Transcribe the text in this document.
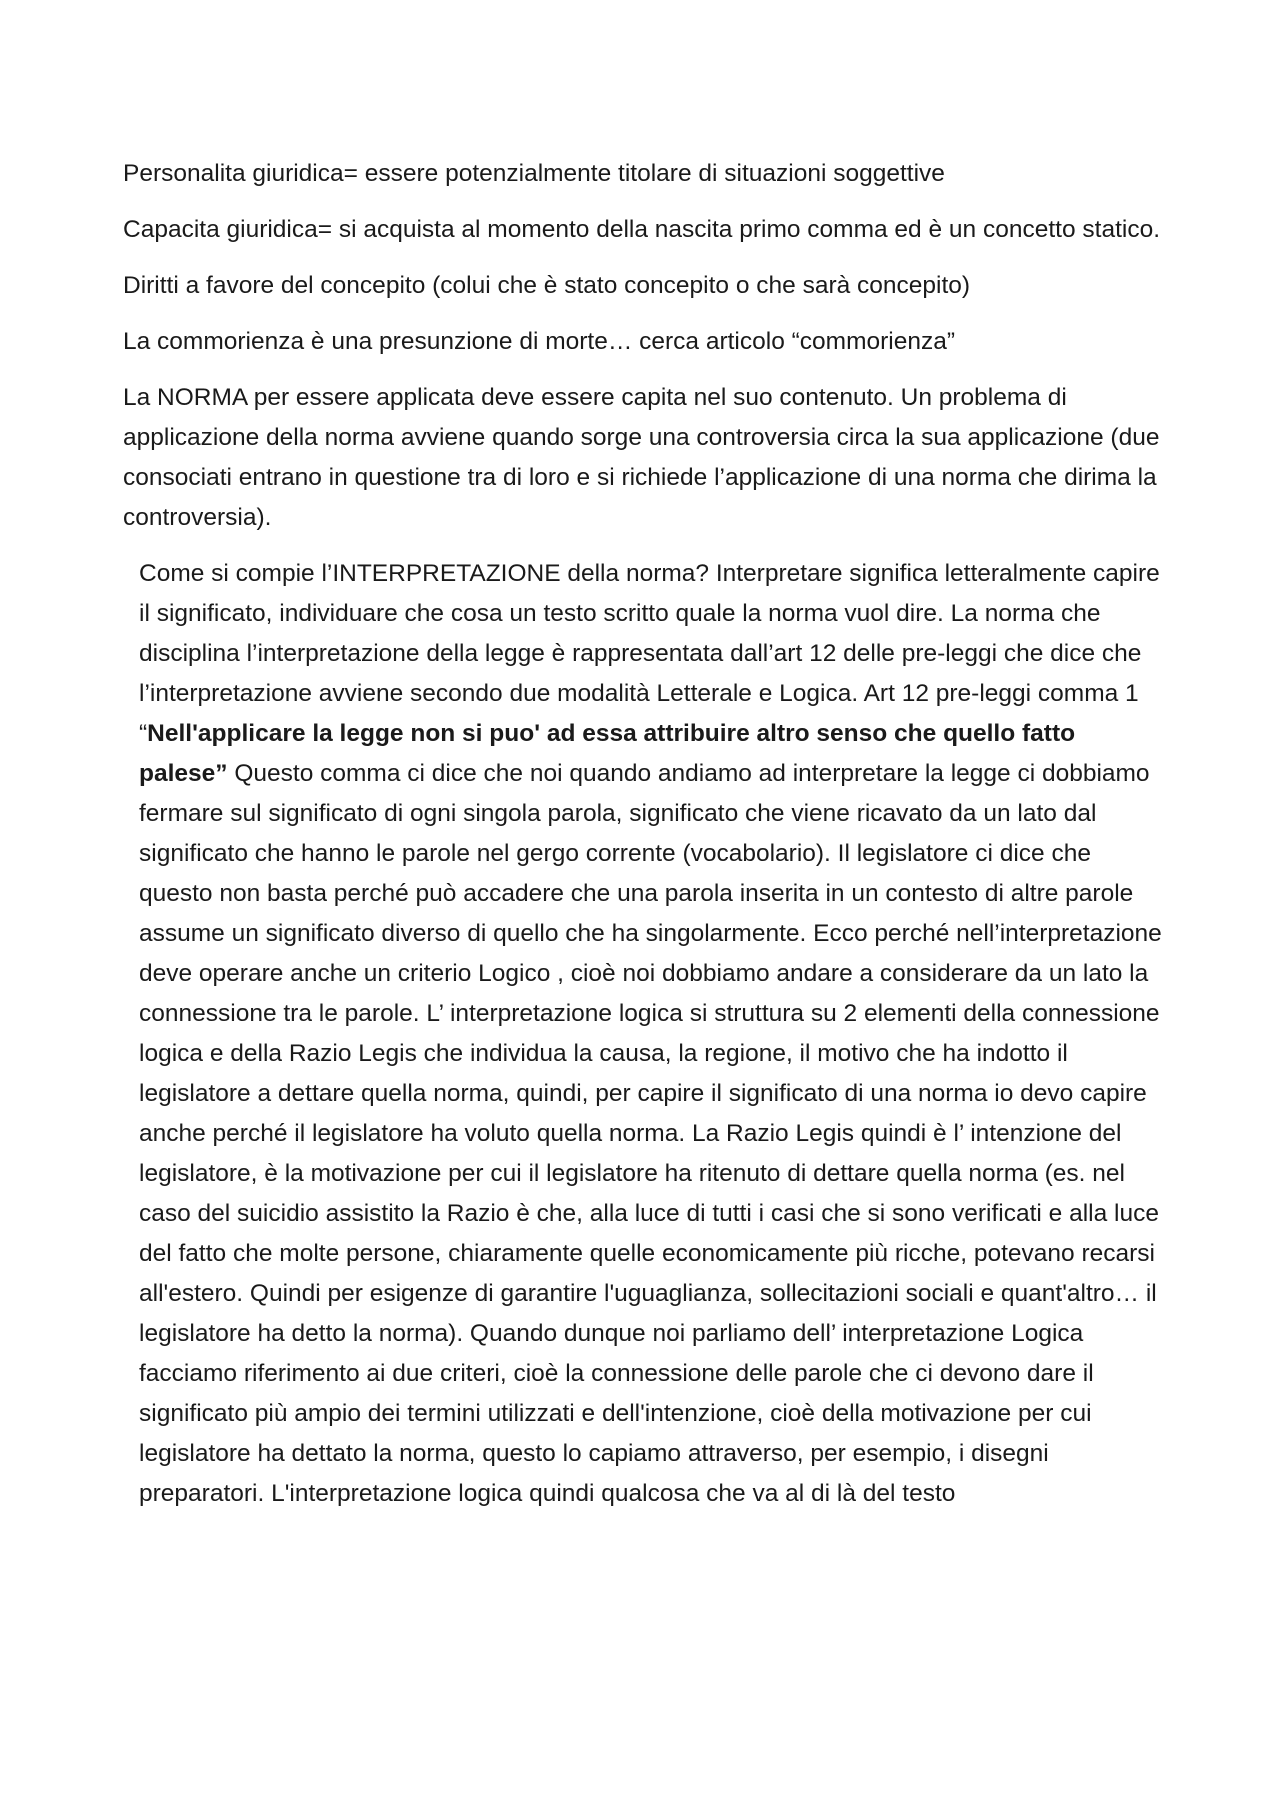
Personalita giuridica= essere potenzialmente titolare di situazioni soggettive

Capacita giuridica= si acquista al momento della nascita primo comma ed è un concetto statico.

Diritti a favore del concepito (colui che è stato concepito o che sarà concepito)

La commorienza è una presunzione di morte… cerca articolo “commorienza”

La NORMA per essere applicata deve essere capita nel suo contenuto. Un problema di applicazione della norma avviene quando sorge una controversia circa la sua applicazione (due consociati entrano in questione tra di loro e si richiede l’applicazione di una norma che dirima la controversia).

Come si compie l’INTERPRETAZIONE della norma? Interpretare significa letteralmente capire il significato, individuare che cosa un testo scritto quale la norma vuol dire. La norma che disciplina l’interpretazione della legge è rappresentata dall’art 12 delle pre-leggi che dice che l’interpretazione avviene secondo due modalità Letterale e Logica. Art 12 pre-leggi comma 1 “Nell'applicare la legge non si puo' ad essa attribuire altro senso che quello fatto palese” Questo comma ci dice che noi quando andiamo ad interpretare la legge ci dobbiamo fermare sul significato di ogni singola parola, significato che viene ricavato da un lato dal significato che hanno le parole nel gergo corrente (vocabolario). Il legislatore ci dice che questo non basta perché può accadere che una parola inserita in un contesto di altre parole assume un significato diverso di quello che ha singolarmente. Ecco perché nell’interpretazione deve operare anche un criterio Logico , cioè noi dobbiamo andare a considerare da un lato la connessione tra le parole. L’ interpretazione logica si struttura su 2 elementi della connessione logica e della Razio Legis che individua la causa, la regione, il motivo che ha indotto il legislatore a dettare quella norma, quindi, per capire il significato di una norma io devo capire anche perché il legislatore ha voluto quella norma. La Razio Legis quindi è l’ intenzione del legislatore, è la motivazione per cui il legislatore ha ritenuto di dettare quella norma (es. nel caso del suicidio assistito la Razio è che, alla luce di tutti i casi che si sono verificati e alla luce del fatto che molte persone, chiaramente quelle economicamente più ricche, potevano recarsi all'estero. Quindi per esigenze di garantire l'uguaglianza, sollecitazioni sociali e quant'altro… il legislatore ha detto la norma). Quando dunque noi parliamo dell’ interpretazione Logica facciamo riferimento ai due criteri, cioè la connessione delle parole che ci devono dare il significato più ampio dei termini utilizzati e dell'intenzione, cioè della motivazione per cui legislatore ha dettato la norma, questo lo capiamo attraverso, per esempio, i disegni preparatori. L'interpretazione logica quindi qualcosa che va al di là del testo
